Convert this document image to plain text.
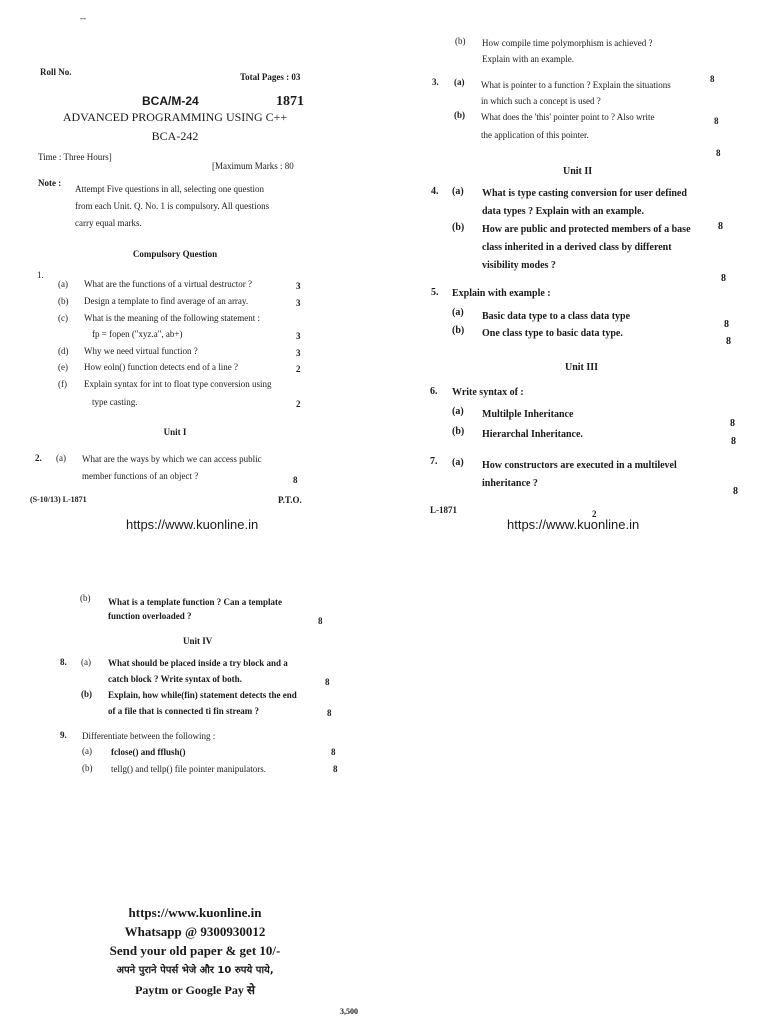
--
Roll No.	Total Pages : 03
BCA/M-24	1871
ADVANCED PROGRAMMING USING C++
BCA-242
Time : Three Hours]
[Maximum Marks : 80
Note :
Attempt Five questions in all, selecting one question
from each Unit. Q. No. 1 is compulsory. All questions
carry equal marks.
Compulsory Question
1.
(a) What are the functions of a virtual destructor ?	3
(b) Design a template to find average of an array.	3
(c) What is the meaning of the following statement :
fp = fopen ("xyz.a", ab+)	3
(d) Why we need virtual function ?	3
(e) How eoln() function detects end of a line ?	2
(f) Explain syntax for int to float type conversion using
type casting.	2
Unit I
2. (a) What are the ways by which we can access public
member functions of an object ?	8
(S-10/13) L-1871	P.T.O.
https://www.kuonline.in
(b) How compile time polymorphism is achieved ?
Explain with an example.
8
3. (a) What is pointer to a function ? Explain the situations
in which such a concept is used ?
8
(b) What does the 'this' pointer point to ? Also write
the application of this pointer.
8
Unit II
4. (a) What is type casting conversion for user defined
data types ? Explain with an example.
8
(b) How are public and protected members of a base
class inherited in a derived class by different
visibility modes ?
8
5. Explain with example :
(a) Basic data type to a class data type
8
(b) One class type to basic data type.
8
Unit III
6. Write syntax of :
(a) Multilple Inheritance
8
(b) Hierarchal Inheritance.
8
7. (a) How constructors are executed in a multilevel
inheritance ?
8
L-1871	2
https://www.kuonline.in
(b) What is a template function ? Can a template
function overloaded ?	8
Unit IV
8. (a) What should be placed inside a try block and a
catch block ? Write syntax of both.	8
(b) Explain, how while(fin) statement detects the end
of a file that is connected ti fin stream ?	8
9. Differentiate between the following :
(a) fclose() and fflush()	8
(b) tellg() and tellp() file pointer manipulators.	8
https://www.kuonline.in
Whatsapp @ 9300930012
Send your old paper & get 10/-
अपने पुराने पेपर्स भेजे और 10 रुपये पाये,
Paytm or Google Pay से
3,500
